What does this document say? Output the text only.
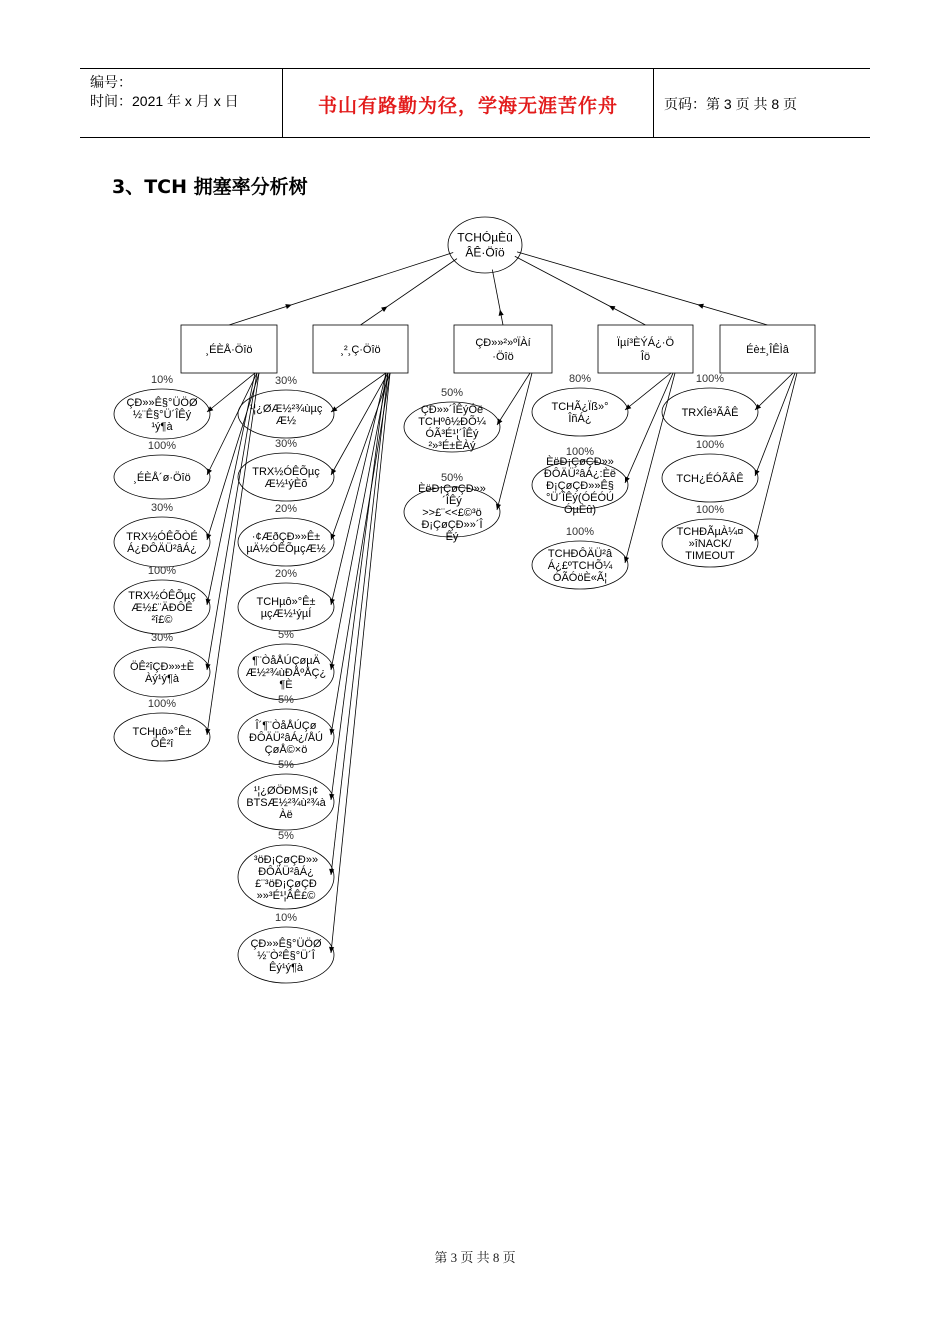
编号：
时间：2021 年 x 月 x 日	书山有路勤为径，学海无涯苦作舟	页码：第 3 页 共 8 页
3、TCH 拥塞率分析树
TCHÓµÈû ÂÊ·Öîö
¸ÉÈÅ·Öîö
ÇÐ»»Ê§°ÜÖØ ½¨Ê§°Ü´ÎÊý ¹ý¶à
10%
¸ÉÈÅ´ø·Öîö
100%
TRX½ÓÊÕÒÉ Á¿ÐÔÄÜ²âÁ¿
30%
TRX½ÓÊÕµç Æ½£¨ÄÐÔÊ ²î£©
100%
ÖÊ²îÇÐ»»±È Àý¹ý¶à
30%
TCHµô»°Ê± ÖÊ²î
100%
¸²¸Ç·Öîö
¹¦¿ØÆ½²¾ùµç Æ½
30%
TRX½ÓÊÕµç Æ½¹ýÈõ
30%
·¢ÆðÇÐ»»Ê± µÄ½ÓÊÕµçÆ½
20%
TCHµô»°Ê± µçÆ½¹ýµÍ
20%
¶¨ÒåÅÚÇøµÄ Æ½²¾ùÐÅºÅÇ¿ ¶È
5%
Î´¶¨ÒåÅÚÇø ÐÔÄÜ²âÁ¿/ÅÚ ÇøÅ©×ö
5%
¹¦¿ØÖÐMS¡¢ BTSÆ½²¾ù²¾à Àë
5%
³öÐ¡ÇøÇÐ»» ÐÔÄÜ²âÁ¿ £¨³öÐ¡ÇøÇÐ »»³É¹¦ÂÊ£©
5%
ÇÐ»»Ê§°ÜÖØ ½¨Ò²Ê§°Ü´Î Êý¹ý¶à
10%
ÇÐ»»²»ºÏÀí ·Öîö
ÇÐ»»´ÎÊýÓë TCHºô½ÐÕ¼ ÓÃ³É¹¦´ÎÊý ²»³É±ÈÀý
50%
ÈëÐ¡ÇøÇÐ»» ´ÎÊý >>£¨<<£©³ö Ð¡ÇøÇÐ»»´Î Êý
50%
Ïµí³ÈÝÁ¿·Ö Îö
TCHÃ¿Ïß»° ÎñÁ¿
80%
ÈëÐ¡ÇøÇÐ»» ÐÔÄÜ²âÁ¿:Èë Ð¡ÇøÇÐ»»Ê§ °Ü´ÎÊý(ÓÉÓÚ ÓµÈû)
100%
TCHÐÔÄÜ²â Á¿£ºTCHÕ¼ ÓÃÓöÈ«Ã¦
100%
Éè±¸ÎÊÌâ
TRXÎé³ÃÂÊ
100%
TCH¿ÉÓÃÂÊ
100%
TCHÐÃµÀ¼¤ »îNACK/ TIMEOUT
100%
第 3 页 共 8 页
